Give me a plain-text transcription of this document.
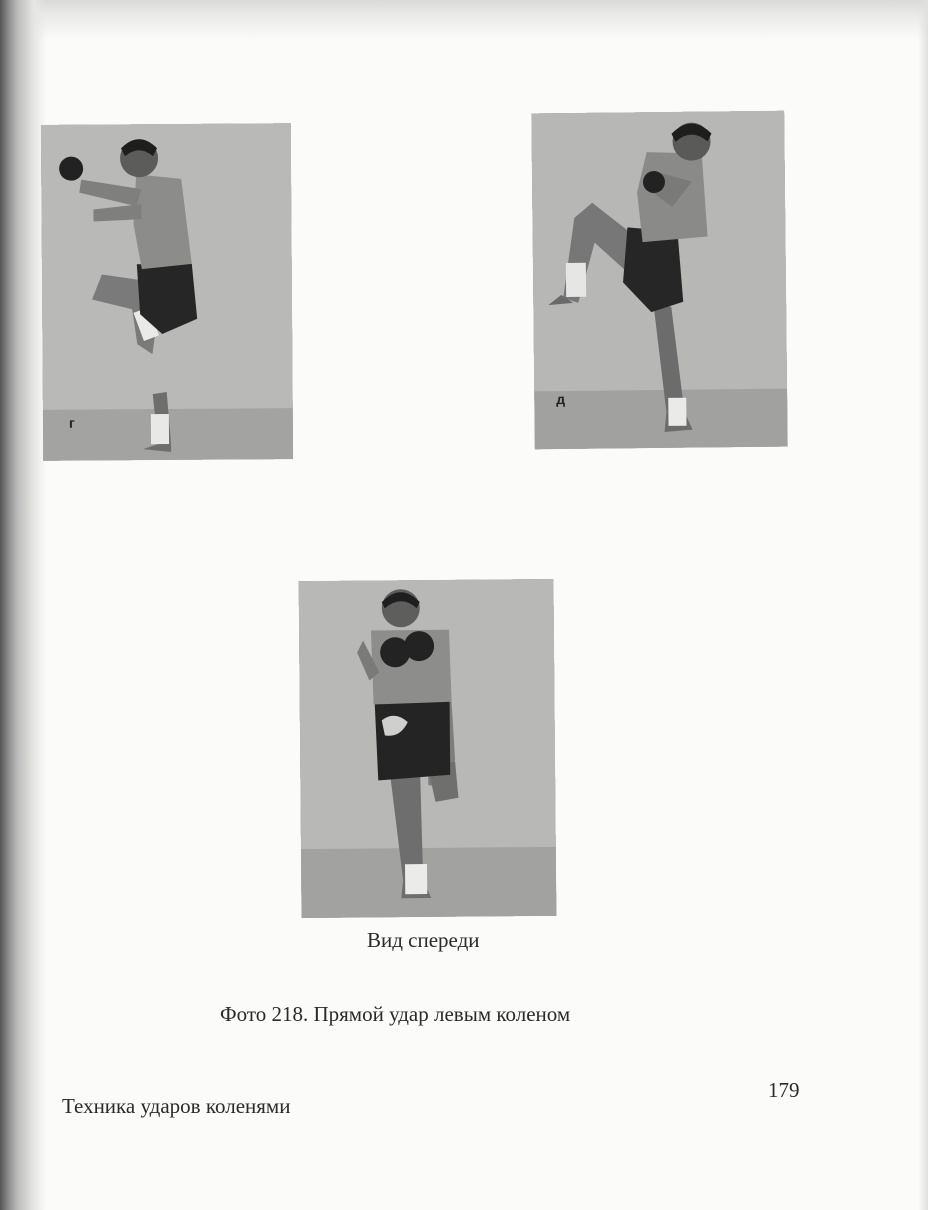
г
д
Вид спереди
Фото 218. Прямой удар левым коленом
Техника ударов коленями
179
